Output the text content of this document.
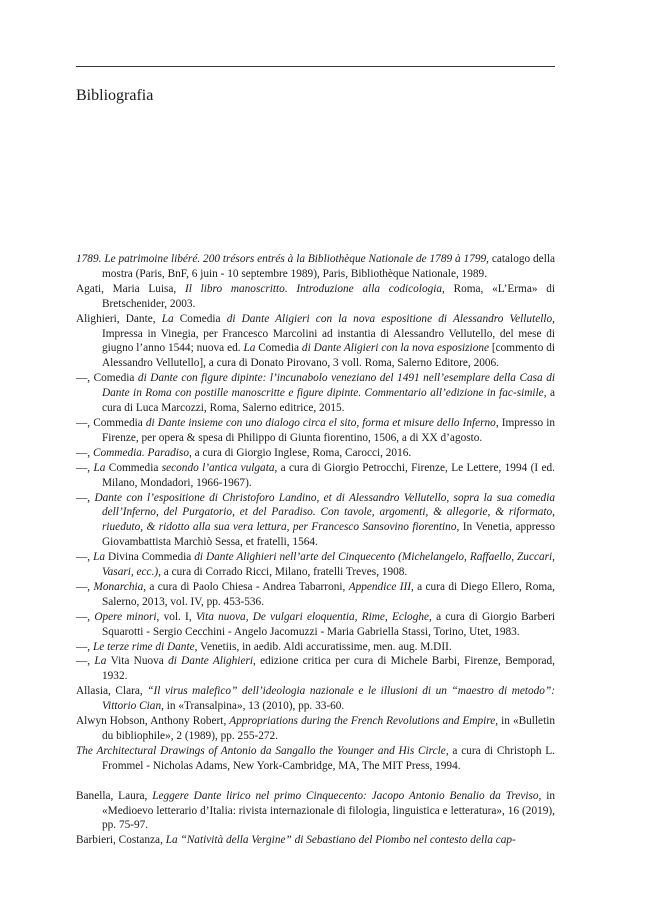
Bibliografia

1789. Le patrimoine libéré. 200 trésors entrés à la Bibliothèque Nationale de 1789 à 1799, catalogo della mostra (Paris, BnF, 6 juin - 10 septembre 1989), Paris, Bibliothèque Nationale, 1989.

Agati, Maria Luisa, Il libro manoscritto. Introduzione alla codicologia, Roma, «L’Erma» di Bretschenider, 2003.

Alighieri, Dante, La Comedia di Dante Aligieri con la nova espositione di Alessandro Vellutello, Impressa in Vinegia, per Francesco Marcolini ad instantia di Alessandro Vellutello, del mese di giugno l’anno 1544; nuova ed. La Comedia di Dante Aligieri con la nova esposizione [commento di Alessandro Vellutello], a cura di Donato Pirovano, 3 voll. Roma, Salerno Editore, 2006.

—, Comedia di Dante con figure dipinte: l’incunabolo veneziano del 1491 nell’esemplare della Casa di Dante in Roma con postille manoscritte e figure dipinte. Commentario all’edizione in fac-simile, a cura di Luca Marcozzi, Roma, Salerno editrice, 2015.

—, Commedia di Dante insieme con uno dialogo circa el sito, forma et misure dello Inferno, Impresso in Firenze, per opera & spesa di Philippo di Giunta fiorentino, 1506, a di XX d’agosto.

—, Commedia. Paradiso, a cura di Giorgio Inglese, Roma, Carocci, 2016.

—, La Commedia secondo l’antica vulgata, a cura di Giorgio Petrocchi, Firenze, Le Lettere, 1994 (I ed. Milano, Mondadori, 1966-1967).

—, Dante con l’espositione di Christoforo Landino, et di Alessandro Vellutello, sopra la sua comedia dell’Inferno, del Purgatorio, et del Paradiso. Con tavole, argomenti, & allegorie, & riformato, riueduto, & ridotto alla sua vera lettura, per Francesco Sansovino fiorentino, In Venetia, appresso Giovambattista Marchiò Sessa, et fratelli, 1564.

—, La Divina Commedia di Dante Alighieri nell’arte del Cinquecento (Michelangelo, Raffaello, Zuccari, Vasari, ecc.), a cura di Corrado Ricci, Milano, fratelli Treves, 1908.

—, Monarchia, a cura di Paolo Chiesa - Andrea Tabarroni, Appendice III, a cura di Diego Ellero, Roma, Salerno, 2013, vol. IV, pp. 453-536.

—, Opere minori, vol. I, Vita nuova, De vulgari eloquentia, Rime, Ecloghe, a cura di Giorgio Barberi Squarotti - Sergio Cecchini - Angelo Jacomuzzi - Maria Gabriella Stassi, Torino, Utet, 1983.

—, Le terze rime di Dante, Venetiis, in aedib. Aldi accuratissime, men. aug. M.DII.

—, La Vita Nuova di Dante Alighieri, edizione critica per cura di Michele Barbi, Firenze, Bemporad, 1932.

Allasia, Clara, “Il virus malefico” dell’ideologia nazionale e le illusioni di un “maestro di metodo”: Vittorio Cian, in «Transalpina», 13 (2010), pp. 33-60.

Alwyn Hobson, Anthony Robert, Appropriations during the French Revolutions and Empire, in «Bulletin du bibliophile», 2 (1989), pp. 255-272.

The Architectural Drawings of Antonio da Sangallo the Younger and His Circle, a cura di Christoph L. Frommel - Nicholas Adams, New York-Cambridge, MA, The MIT Press, 1994.

Banella, Laura, Leggere Dante lirico nel primo Cinquecento: Jacopo Antonio Benalio da Treviso, in «Medioevo letterario d’Italia: rivista internazionale di filologia, linguistica e letteratura», 16 (2019), pp. 75-97.

Barbieri, Costanza, La “Natività della Vergine” di Sebastiano del Piombo nel contesto della cap-
